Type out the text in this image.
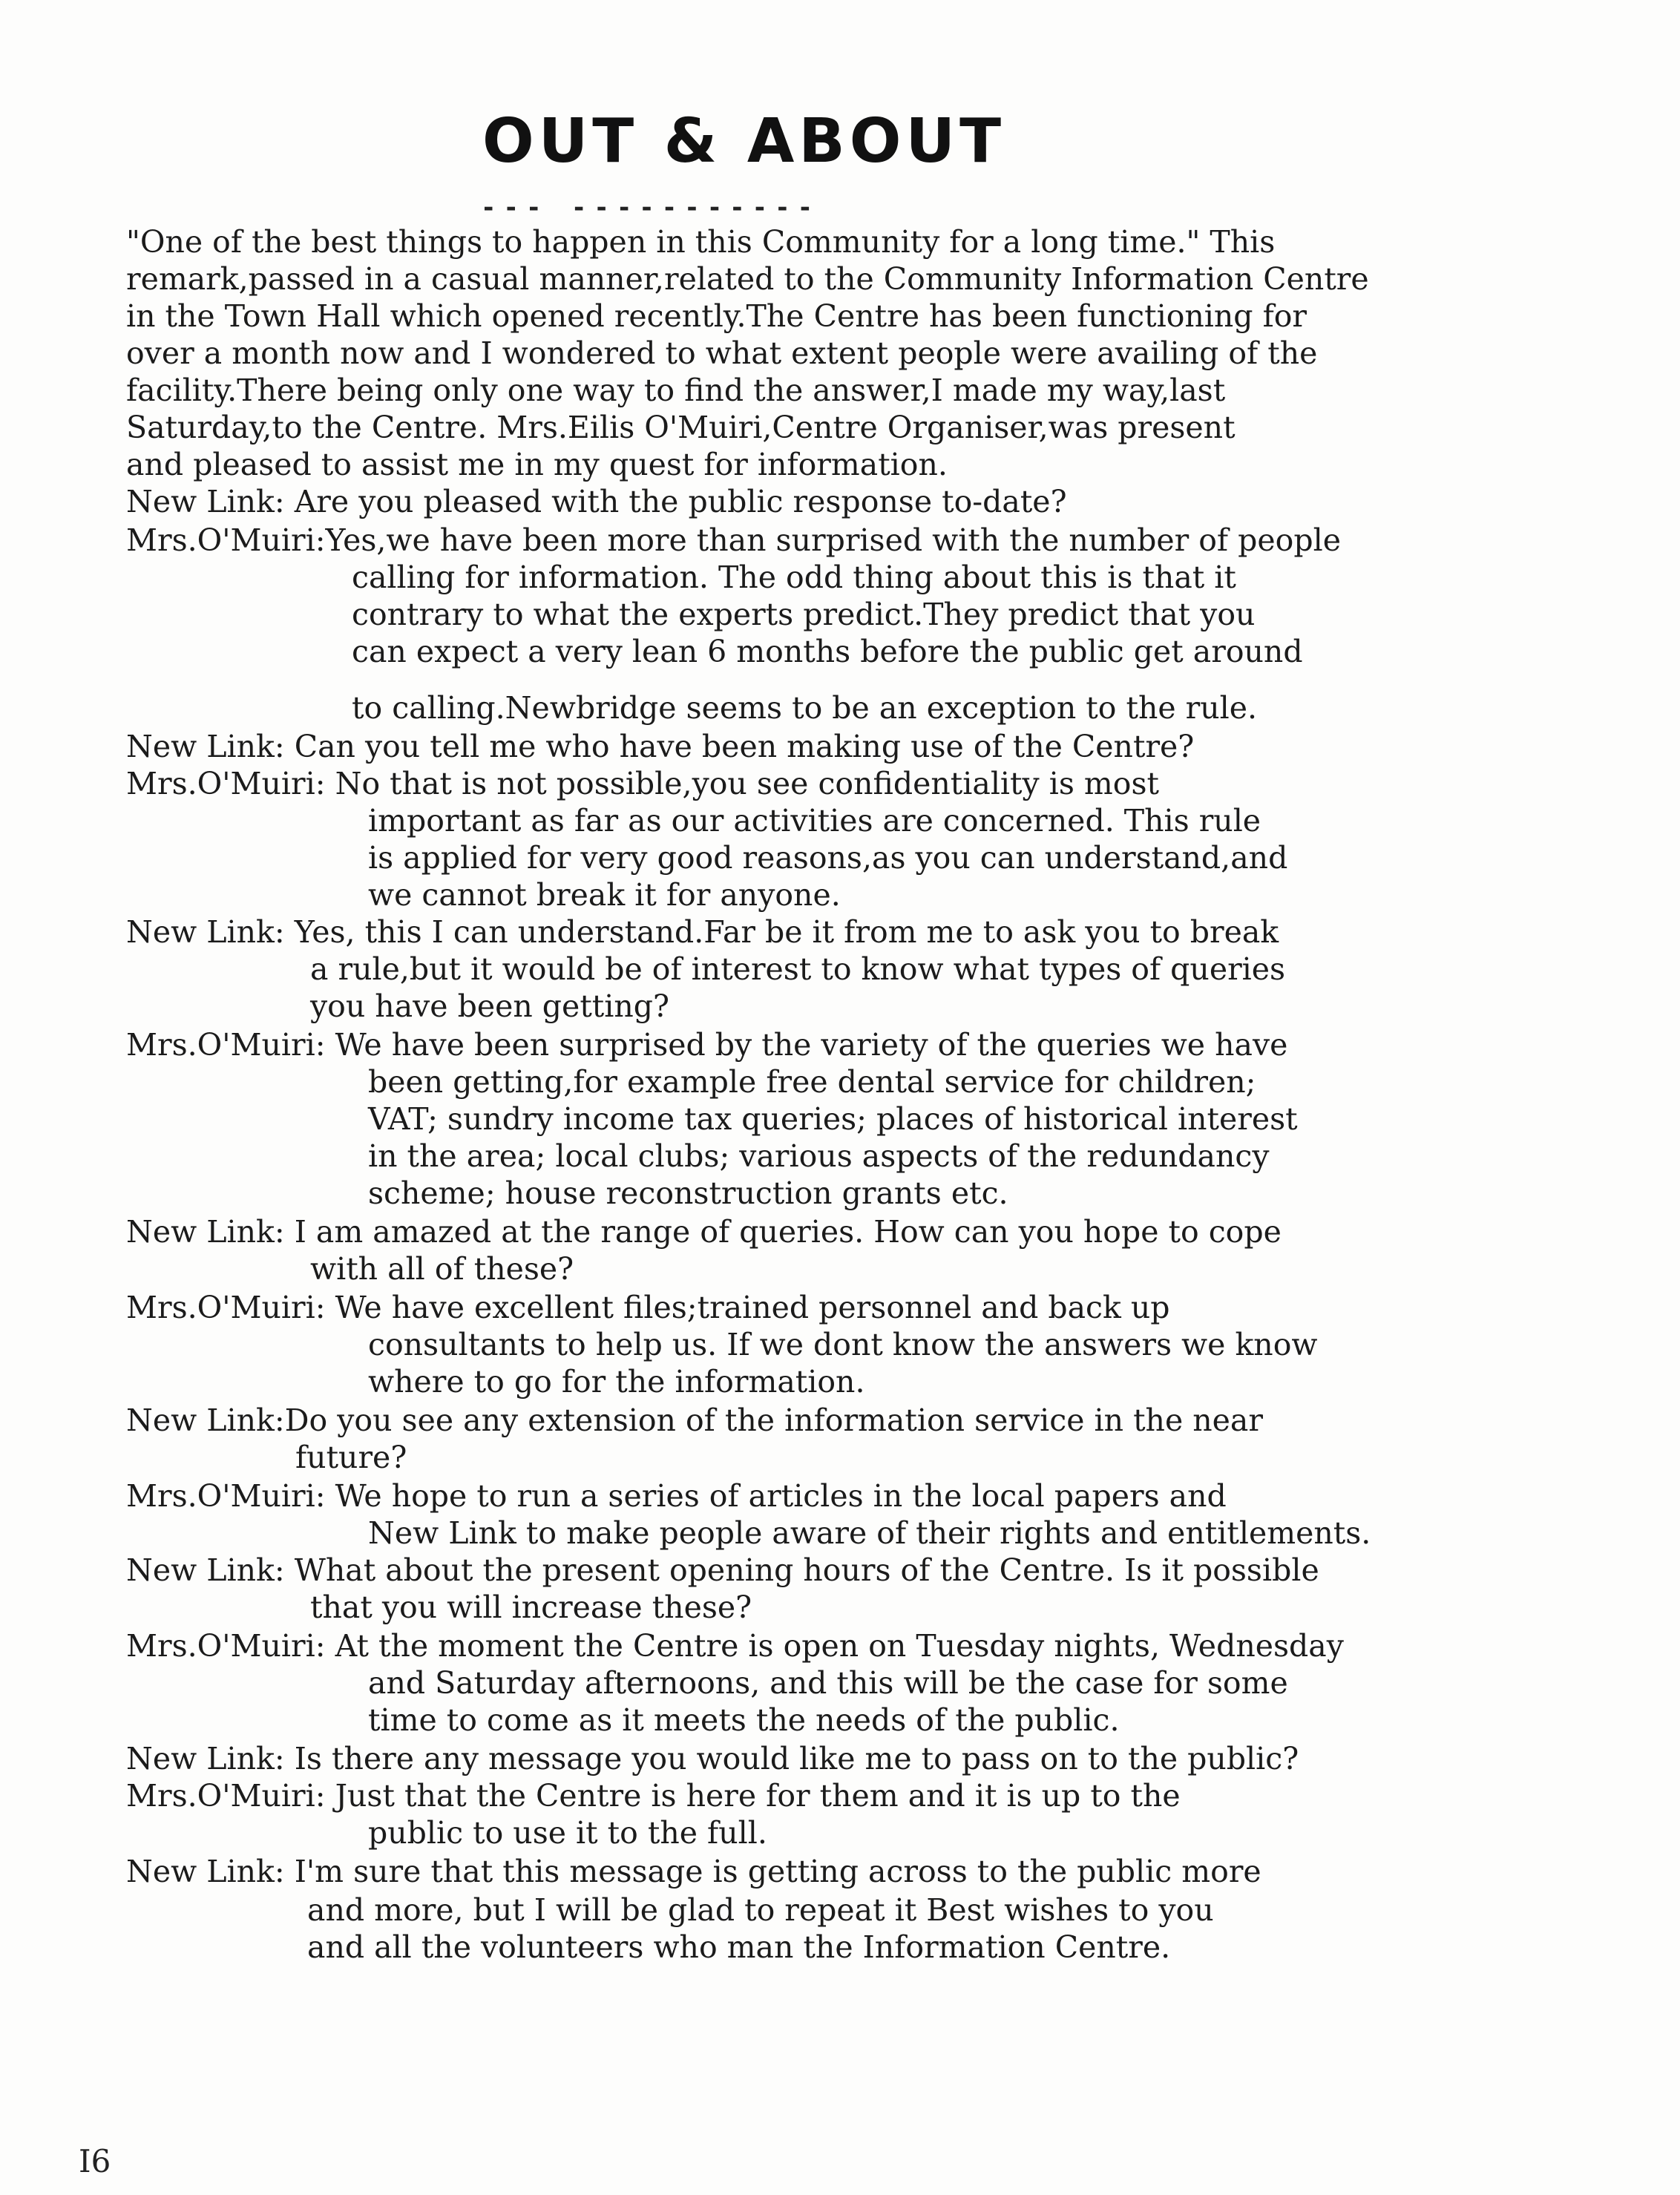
OUT & ABOUT
--- -----------
"One of the best things to happen in this Community for a long time." This
remark,passed in a casual manner,related to the Community Information Centre
in the Town Hall which opened recently.The Centre has been functioning for
over a month now and I wondered to what extent people were availing of the
facility.There being only one way to find the answer,I made my way,last
Saturday,to the Centre. Mrs.Eilis O'Muiri,Centre Organiser,was present
and pleased to assist me in my quest for information.
New Link: Are you pleased with the public response to-date?
Mrs.O'Muiri:Yes,we have been more than surprised with the number of people
calling for information. The odd thing about this is that it
contrary to what the experts predict.They predict that you
can expect a very lean 6 months before the public get around
to calling.Newbridge seems to be an exception to the rule.
New Link: Can you tell me who have been making use of the Centre?
Mrs.O'Muiri: No that is not possible,you see confidentiality is most
important as far as our activities are concerned. This rule
is applied for very good reasons,as you can understand,and
we cannot break it for anyone.
New Link: Yes, this I can understand.Far be it from me to ask you to break
a rule,but it would be of interest to know what types of queries
you have been getting?
Mrs.O'Muiri: We have been surprised by the variety of the queries we have
been getting,for example free dental service for children;
VAT; sundry income tax queries; places of historical interest
in the area; local clubs; various aspects of the redundancy
scheme; house reconstruction grants etc.
New Link: I am amazed at the range of queries. How can you hope to cope
with all of these?
Mrs.O'Muiri: We have excellent files;trained personnel and back up
consultants to help us. If we dont know the answers we know
where to go for the information.
New Link:Do you see any extension of the information service in the near
future?
Mrs.O'Muiri: We hope to run a series of articles in the local papers and
New Link to make people aware of their rights and entitlements.
New Link: What about the present opening hours of the Centre. Is it possible
that you will increase these?
Mrs.O'Muiri: At the moment the Centre is open on Tuesday nights, Wednesday
and Saturday afternoons, and this will be the case for some
time to come as it meets the needs of the public.
New Link: Is there any message you would like me to pass on to the public?
Mrs.O'Muiri: Just that the Centre is here for them and it is up to the
public to use it to the full.
New Link: I'm sure that this message is getting across to the public more
and more, but I will be glad to repeat it Best wishes to you
and all the volunteers who man the Information Centre.
I6
